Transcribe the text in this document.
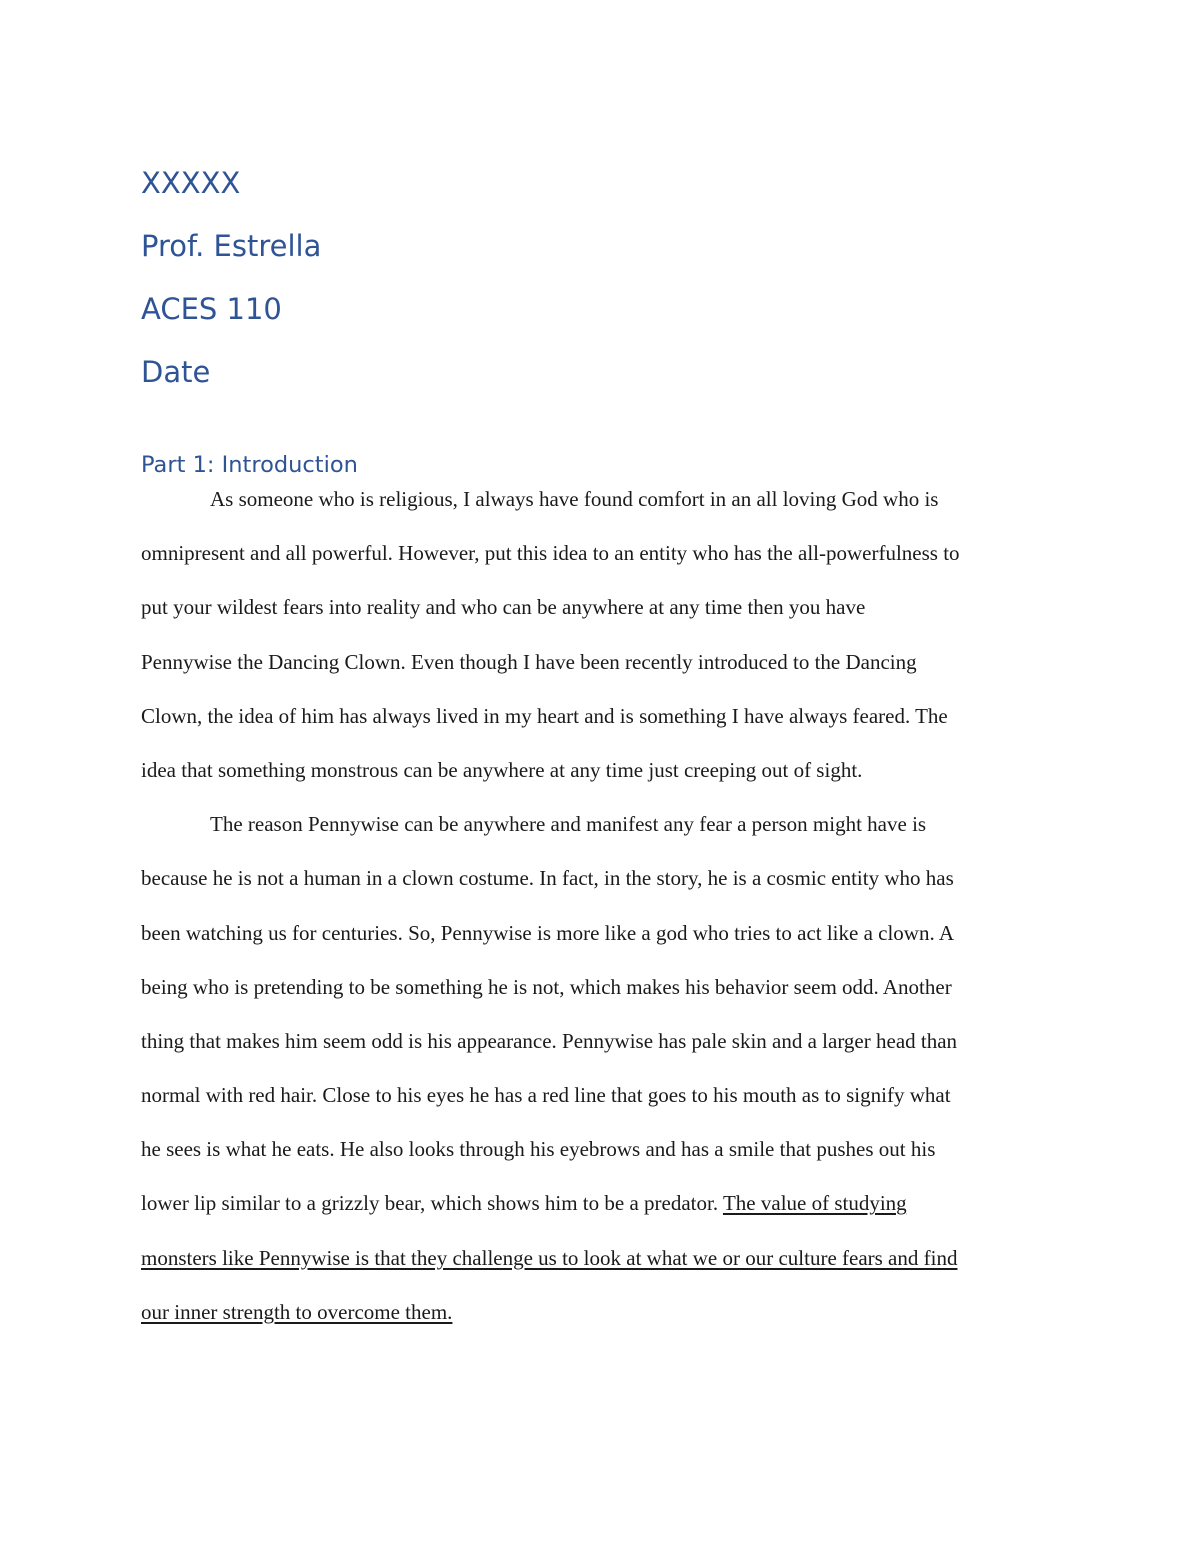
XXXXX
Prof. Estrella
ACES 110
Date
Part 1: Introduction
As someone who is religious, I always have found comfort in an all loving God who is
omnipresent and all powerful. However, put this idea to an entity who has the all-powerfulness to
put your wildest fears into reality and who can be anywhere at any time then you have
Pennywise the Dancing Clown. Even though I have been recently introduced to the Dancing
Clown, the idea of him has always lived in my heart and is something I have always feared. The
idea that something monstrous can be anywhere at any time just creeping out of sight.
The reason Pennywise can be anywhere and manifest any fear a person might have is
because he is not a human in a clown costume. In fact, in the story, he is a cosmic entity who has
been watching us for centuries. So, Pennywise is more like a god who tries to act like a clown. A
being who is pretending to be something he is not, which makes his behavior seem odd. Another
thing that makes him seem odd is his appearance. Pennywise has pale skin and a larger head than
normal with red hair. Close to his eyes he has a red line that goes to his mouth as to signify what
he sees is what he eats. He also looks through his eyebrows and has a smile that pushes out his
lower lip similar to a grizzly bear, which shows him to be a predator. The value of studying
monsters like Pennywise is that they challenge us to look at what we or our culture fears and find
our inner strength to overcome them.
